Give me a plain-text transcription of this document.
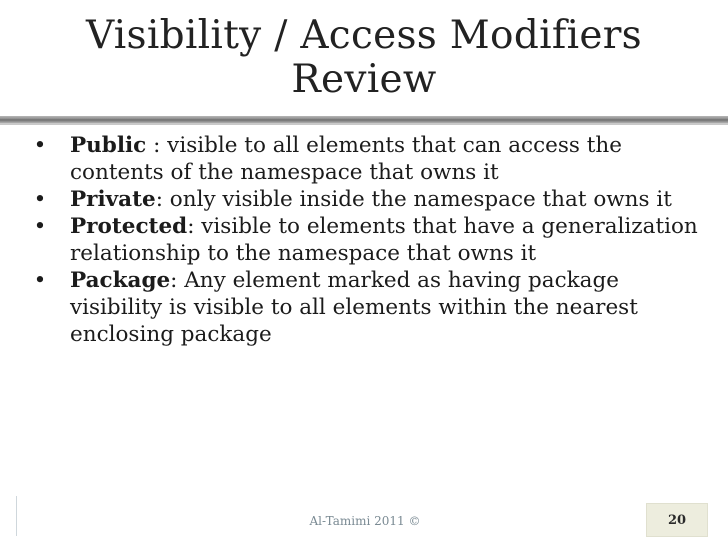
Visibility / Access Modifiers
Review
• Public : visible to all elements that can access the contents of the namespace that owns it
• Private: only visible inside the namespace that owns it
• Protected: visible to elements that have a generalization relationship to the namespace that owns it
• Package: Any element marked as having package visibility is visible to all elements within the nearest enclosing package
Al-Tamimi 2011 ©	20
